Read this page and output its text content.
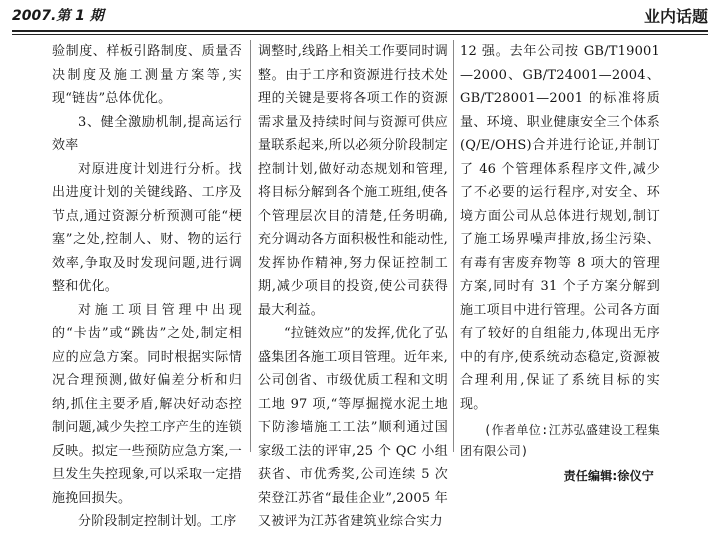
2007.第 1 期	业内话题

验制度、样板引路制度、质量否决制度及施工测量方案等,实现“链齿”总体优化。

3、健全激励机制,提高运行效率

对原进度计划进行分析。找出进度计划的关键线路、工序及节点,通过资源分析预测可能“梗塞”之处,控制人、财、物的运行效率,争取及时发现问题,进行调整和优化。

对施工项目管理中出现的“卡齿”或“跳齿”之处,制定相应的应急方案。同时根据实际情况合理预测,做好偏差分析和归纳,抓住主要矛盾,解决好动态控制问题,减少失控工序产生的连锁反映。拟定一些预防应急方案,一旦发生失控现象,可以采取一定措施挽回损失。

分阶段制定控制计划。工序

调整时,线路上相关工作要同时调整。由于工序和资源进行技术处理的关键是要将各项工作的资源需求量及持续时间与资源可供应量联系起来,所以必须分阶段制定控制计划,做好动态规划和管理,将目标分解到各个施工班组,使各个管理层次目的清楚,任务明确,充分调动各方面积极性和能动性,发挥协作精神,努力保证控制工期,减少项目的投资,使公司获得最大利益。

“拉链效应”的发挥,优化了弘盛集团各施工项目管理。近年来,公司创省、市级优质工程和文明工地 97 项,“等厚掘搅水泥土地下防渗墙施工工法”顺利通过国家级工法的评审,25 个 QC 小组获省、市优秀奖,公司连续 5 次荣登江苏省“最佳企业”,2005 年又被评为江苏省建筑业综合实力

12 强。去年公司按 GB/T19001—2000、GB/T24001—2004、GB/T28001—2001 的标准将质量、环境、职业健康安全三个体系(Q/E/OHS)合并进行论证,并制订了 46 个管理体系程序文件,减少了不必要的运行程序,对安全、环境方面公司从总体进行规划,制订了施工场界噪声排放,扬尘污染、有毒有害废弃物等 8 项大的管理方案,同时有 31 个子方案分解到施工项目中进行管理。公司各方面有了较好的自组能力,体现出无序中的有序,使系统动态稳定,资源被合理利用,保证了系统目标的实现。

(作者单位:江苏弘盛建设工程集团有限公司)

责任编辑:徐仪宁
